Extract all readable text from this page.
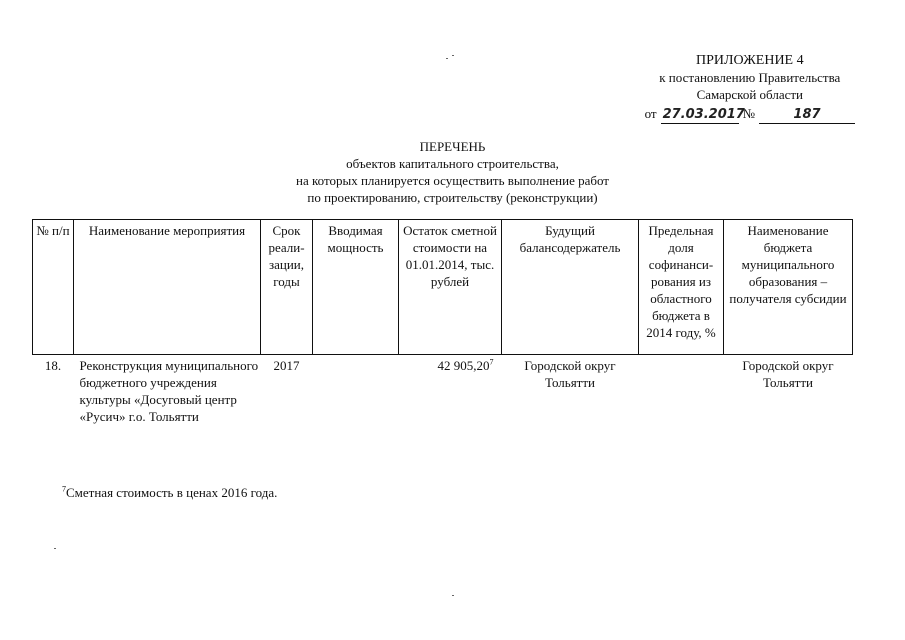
ПРИЛОЖЕНИЕ 4
к постановлению Правительства
Самарской области
от 27.03.2017
№	187
ПЕРЕЧЕНЬ
объектов капитального строительства,
на которых планируется осуществить выполнение работ
по проектированию, строительству (реконструкции)
№ п/п	Наименование мероприятия	Срок реали-зации, годы	Вводимая мощность	Остаток сметной стоимости на 01.01.2014, тыс. рублей	Будущий балансодержатель	Предельная доля софинанси-рования из областного бюджета в 2014 году, %	Наименование бюджета муниципального образования – получателя субсидии
18.	Реконструкция муниципального бюджетного учреждения культуры «Досуговый центр «Русич» г.о. Тольятти	2017		42 905,20$^7$	Городской округ Тольятти		Городской округ Тольятти
$^7$Сметная стоимость в ценах 2016 года.
